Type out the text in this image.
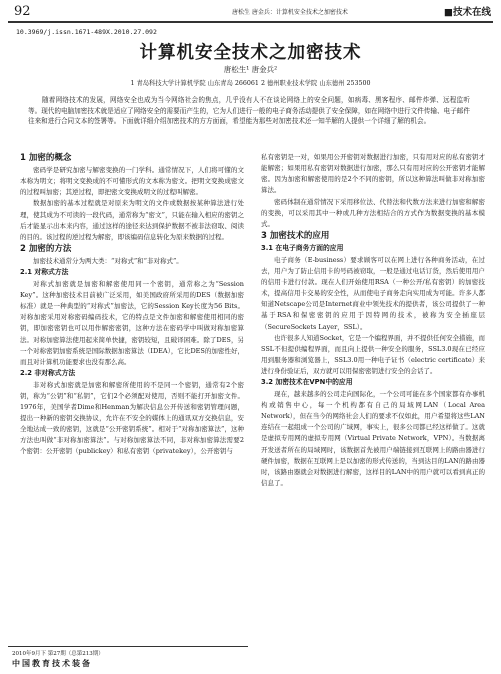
92	唐松生 唐金兵：计算机安全技术之加密技术	■技术在线
10.3969/j.issn.1671-489X.2010.27.092
计算机安全技术之加密技术
唐松生¹ 唐金兵²
1 青岛科技大学计算机学院 山东青岛 266061 2 德州职业技术学院 山东德州 253500
随着网络技术的发展，网络安全也成为当今网络社会的焦点，几乎没有人不在谈论网络上的安全问题，如病毒、黑客程序、邮件炸弹、远程监听等。现代的电脑加密技术就是适应了网络安全的需要而产生的，它为人们进行一般的电子商务活动提供了安全保障，如在网络中进行文件传输、电子邮件往来和进行合同文本的签署等。下面就详细介绍加密技术的方方面面，希望能为那些对加密技术还一知半解的人提供一个详细了解的机会。
1 加密的概念

密码学是研究加密与解密变换的一门学科。通常情况下，人们将可懂的文本称为明文；将明文变换成的不可懂形式的文本称为密文。把明文变换成密文的过程叫加密；其逆过程，即把密文变换成明文的过程叫解密。

数据加密的基本过程就是对原来为明文的文件或数据按某种算法进行处理，使其成为不可读的一段代码，通常称为“密文”，只能在输入相应的密钥之后才能显示出本来内容，通过这样的途径来达到保护数据不被非法窃取、阅读的目的。该过程的逆过程为解密，即该编码信息转化为原来数据的过程。

2 加密的方法

加密技术通常分为两大类：“对称式”和“非对称式”。

2.1 对称式方法

对称式加密就是加密和解密使用同一个密钥，通常称之为“Session Key”。这种加密技术目前被广泛采用，如美国政府所采用的DES（数据加密标准）就是一种典型的“对称式”加密法，它的Session Key长度为56 Bits。对称加密采用对称密码编码技术，它的特点是文件加密和解密使用相同的密钥，即加密密钥也可以用作解密密钥，这种方法在密码学中叫做对称加密算法。对称加密算法使用起来简单快捷，密钥较短，且破译困难。除了DES，另一个对称密钥加密系统是国际数据加密算法（IDEA），它比DES的加密性好，而且对计算机功能要求也没有那么高。

2.2 非对称式方法

非对称式加密就是加密和解密所使用的不是同一个密钥，通常有2个密钥，称为“公钥”和“私钥”，它们2个必须配对使用，否则不能打开加密文件。1976年，美国学者Dime和Henman为解决信息公开传送和密钥管理问题，提出一种新的密钥交换协议，允许在不安全的媒体上的通讯双方交换信息，安全地达成一致的密钥，这就是“公开密钥系统”。相对于“对称加密算法”，这种方法也叫做“非对称加密算法”。与对称加密算法不同，非对称加密算法需要2个密钥：公开密钥（publickey）和私有密钥（privatekey），公开密钥与

私有密钥是一对，如果用公开密钥对数据进行加密，只有用对应的私有密钥才能解密；如果用私有密钥对数据进行加密，那么只有用对应的公开密钥才能解密。因为加密和解密使用的是2个不同的密钥，所以这种算法叫做非对称加密算法。

密码体制在通常情况下采用移位法、代替法和代数方法来进行加密和解密的变换，可以采用其中一种或几种方法相结合的方式作为数据变换的基本模式。

3 加密技术的应用
3.1 在电子商务方面的应用

电子商务（E-business）要求顾客可以在网上进行各种商务活动，在过去，用户为了防止信用卡的号码被窃取，一般是通过电话订货，然后使用用户的信用卡进行付款。现在人们开始使用RSA（一种公开/私有密钥）的加密技术，提高信用卡交易的安全性，从而使电子商务走向实用成为可能。许多人都知道Netscape公司是Internet商业中领先技术的提供者，该公司提供了一种基于RSA和保密密钥的应用于因特网的技术，被称为安全插座层（SecureSockets Layer，SSL）。

也许很多人知道Socket，它是一个编程界面，并不提供任何安全措施，而SSL不但提供编程界面，而且向上提供一种安全的服务，SSL3.0现在已经应用到服务器和浏览器上，SSL3.0用一种电子证书（electric certificate）来进行身份验证后，双方就可以用保密密钥进行安全的会话了。

3.2 加密技术在VPN中的应用

现在，越来越多的公司走向国际化，一个公司可能在多个国家都有办事机构或销售中心，每一个机构都有自己的局域网LAN（Local Area Network），但在当今的网络社会人们的要求不仅如此，用户希望将这些LAN连结在一起组成一个公司的广域网，事实上，很多公司都已经这样做了。这就是虚拟专用网的虚拟专用网（Virtual Private Network，VPN）。当数据离开发送者所在的局域网时，该数据首先被用户端链接到互联网上的路由器进行硬件加密，数据在互联网上是以加密的形式传送的，当到达目的LAN的路由器时，该路由器就会对数据进行解密，这样目的LAN中的用户就可以看到真正的信息了。

2010年9月下 第27期（总第213期）
中国教育技术装备
